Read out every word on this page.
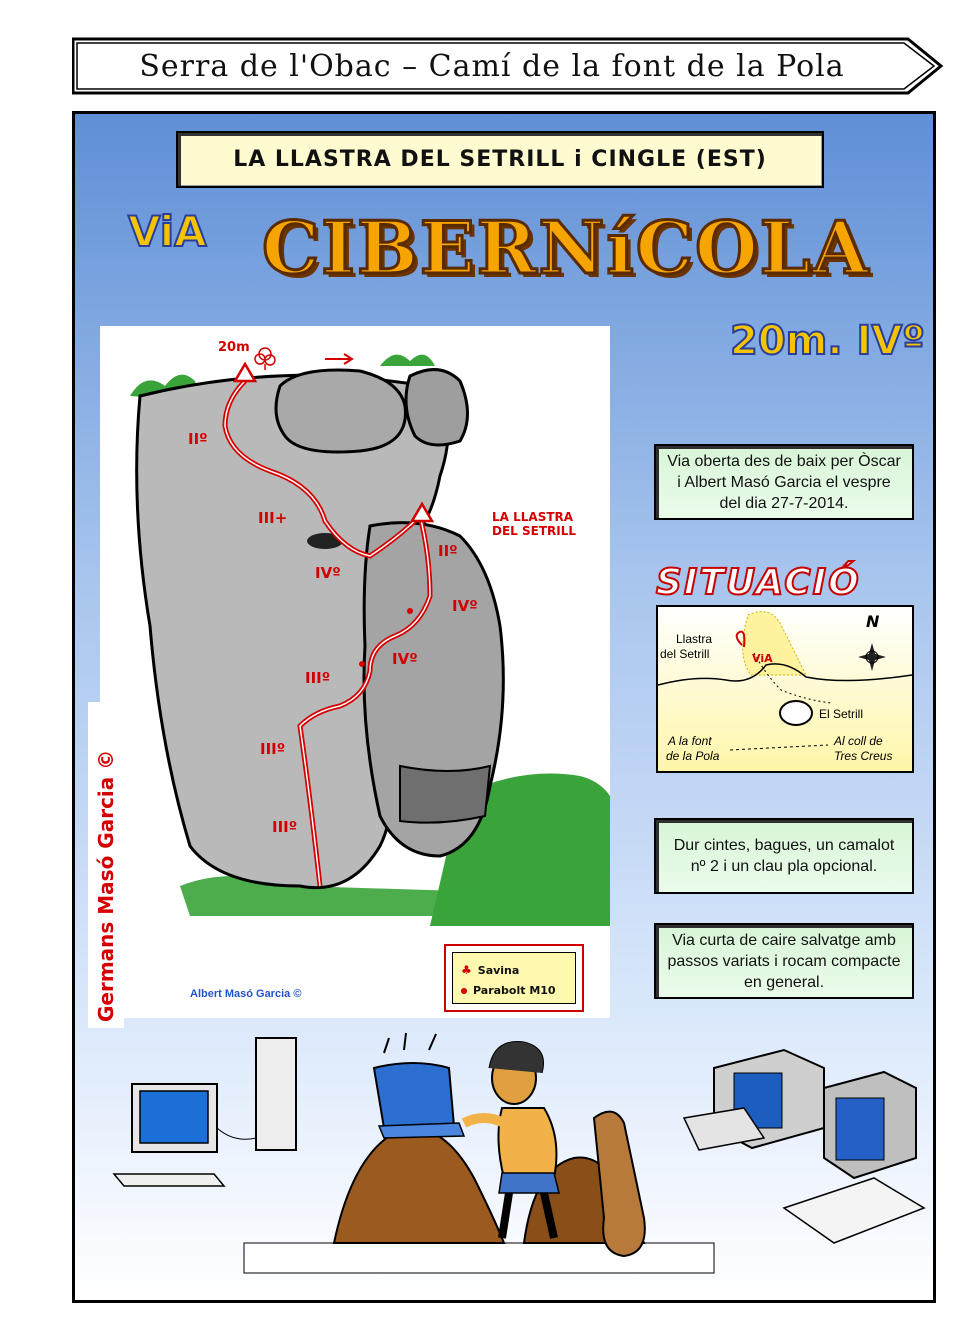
Serra de l'Obac – Camí de la font de la Pola
LA LLASTRA DEL SETRILL i CINGLE (EST)
ViA CIBERNíCOLA
20m. IVº
20m
LA LLASTRA
DEL SETRILL
IIº
III+
IVº
IIº
IVº
IVº
IIIº
IIIº
IIIº
Via oberta des de baix per Òscar i Albert Masó Garcia el vespre del dia 27-7-2014.
Dur cintes, bagues, un camalot nº 2 i un clau pla opcional.
Via curta de caire salvatge amb passos variats i rocam compacte en general.
SITUACIÓ
N
Llastra
del Setrill	ViA
El Setrill
A la font
de la Pola
Al coll de
Tres Creus
Germans Masó Garcia ©	Albert Masó Garcia ©
♣ Savina
Parabolt M10
